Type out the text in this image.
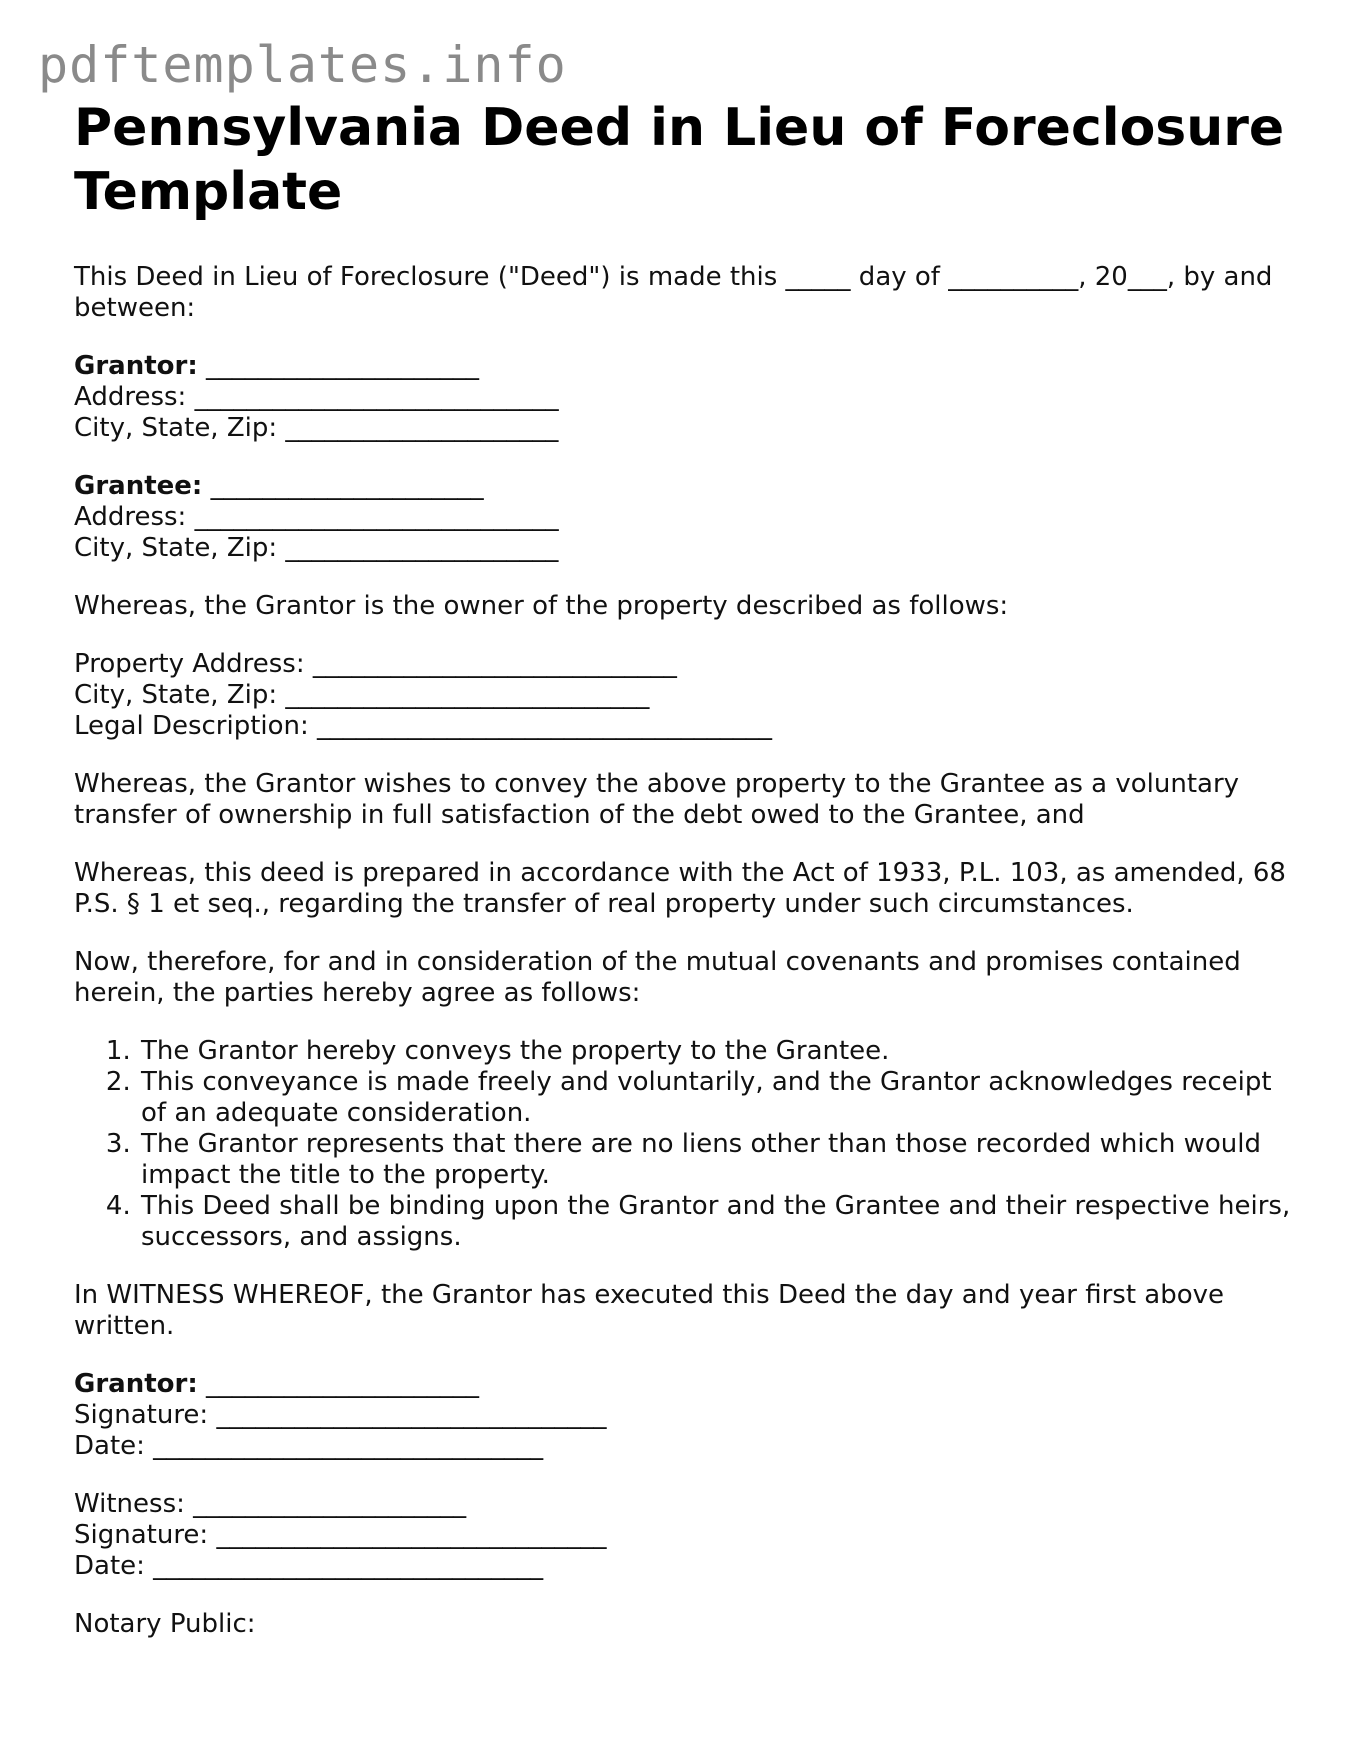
pdftemplates.info
Pennsylvania Deed in Lieu of Foreclosure Template

This Deed in Lieu of Foreclosure ("Deed") is made this _____ day of __________, 20___, by and between:

Grantor: _____________________

Address: ____________________________

City, State, Zip: _____________________

Grantee: _____________________

Address: ____________________________

City, State, Zip: _____________________

Whereas, the Grantor is the owner of the property described as follows:

Property Address: ____________________________

City, State, Zip: ____________________________

Legal Description: ___________________________________

Whereas, the Grantor wishes to convey the above property to the Grantee as a voluntary transfer of ownership in full satisfaction of the debt owed to the Grantee, and

Whereas, this deed is prepared in accordance with the Act of 1933, P.L. 103, as amended, 68 P.S. § 1 et seq., regarding the transfer of real property under such circumstances.

Now, therefore, for and in consideration of the mutual covenants and promises contained herein, the parties hereby agree as follows:

1. The Grantor hereby conveys the property to the Grantee.
2. This conveyance is made freely and voluntarily, and the Grantor acknowledges receipt of an adequate consideration.
3. The Grantor represents that there are no liens other than those recorded which would impact the title to the property.
4. This Deed shall be binding upon the Grantor and the Grantee and their respective heirs, successors, and assigns.

In WITNESS WHEREOF, the Grantor has executed this Deed the day and year first above written.

Grantor: _____________________

Signature: ______________________________

Date: ______________________________

Witness: _____________________

Signature: ______________________________

Date: ______________________________

Notary Public:
